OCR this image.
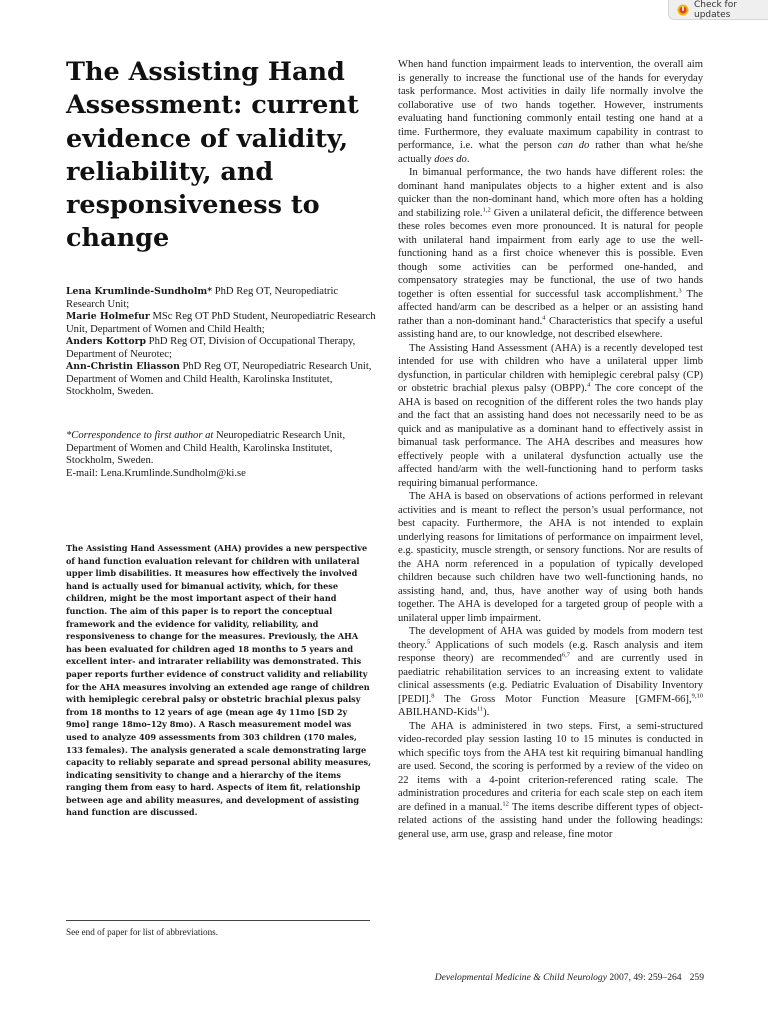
Check for updates
The Assisting Hand Assessment: current evidence of validity, reliability, and responsiveness to change
Lena Krumlinde-Sundholm* PhD Reg OT, Neuropediatric Research Unit;
Marie Holmefur MSc Reg OT PhD Student, Neuropediatric Research Unit, Department of Women and Child Health;
Anders Kottorp PhD Reg OT, Division of Occupational Therapy, Department of Neurotec;
Ann-Christin Eliasson PhD Reg OT, Neuropediatric Research Unit, Department of Women and Child Health, Karolinska Institutet, Stockholm, Sweden.
*Correspondence to first author at Neuropediatric Research Unit, Department of Women and Child Health, Karolinska Institutet, Stockholm, Sweden.
E-mail: Lena.Krumlinde.Sundholm@ki.se

The Assisting Hand Assessment (AHA) provides a new perspective of hand function evaluation relevant for children with unilateral upper limb disabilities. It measures how effectively the involved hand is actually used for bimanual activity, which, for these children, might be the most important aspect of their hand function. The aim of this paper is to report the conceptual framework and the evidence for validity, reliability, and responsiveness to change for the measures. Previously, the AHA has been evaluated for children aged 18 months to 5 years and excellent inter- and intrarater reliability was demonstrated. This paper reports further evidence of construct validity and reliability for the AHA measures involving an extended age range of children with hemiplegic cerebral palsy or obstetric brachial plexus palsy from 18 months to 12 years of age (mean age 4y 11mo [SD 2y 9mo] range 18mo–12y 8mo). A Rasch measurement model was used to analyze 409 assessments from 303 children (170 males, 133 females). The analysis generated a scale demonstrating large capacity to reliably separate and spread personal ability measures, indicating sensitivity to change and a hierarchy of the items ranging them from easy to hard. Aspects of item fit, relationship between age and ability measures, and development of assisting hand function are discussed.

See end of paper for list of abbreviations.

When hand function impairment leads to intervention, the overall aim is generally to increase the functional use of the hands for everyday task performance. Most activities in daily life normally involve the collaborative use of two hands together. However, instruments evaluating hand functioning commonly entail testing one hand at a time. Furthermore, they evaluate maximum capability in contrast to performance, i.e. what the person can do rather than what he/she actually does do.

In bimanual performance, the two hands have different roles: the dominant hand manipulates objects to a higher extent and is also quicker than the non-dominant hand, which more often has a holding and stabilizing role.$^{1,2}$ Given a unilateral deficit, the difference between these roles becomes even more pronounced. It is natural for people with unilateral hand impairment from early age to use the well-functioning hand as a first choice whenever this is possible. Even though some activities can be performed one-handed, and compensatory strategies may be functional, the use of two hands together is often essential for successful task accomplishment.$^3$ The affected hand/arm can be described as a helper or an assisting hand rather than a non-dominant hand.$^4$ Characteristics that specify a useful assisting hand are, to our knowledge, not described elsewhere.

The Assisting Hand Assessment (AHA) is a recently developed test intended for use with children who have a unilateral upper limb dysfunction, in particular children with hemiplegic cerebral palsy (CP) or obstetric brachial plexus palsy (OBPP).$^4$ The core concept of the AHA is based on recognition of the different roles the two hands play and the fact that an assisting hand does not necessarily need to be as quick and as manipulative as a dominant hand to effectively assist in bimanual task performance. The AHA describes and measures how effectively people with a unilateral dysfunction actually use the affected hand/arm with the well-functioning hand to perform tasks requiring bimanual performance.

The AHA is based on observations of actions performed in relevant activities and is meant to reflect the person’s usual performance, not best capacity. Furthermore, the AHA is not intended to explain underlying reasons for limitations of performance on impairment level, e.g. spasticity, muscle strength, or sensory functions. Nor are results of the AHA norm referenced in a population of typically developed children because such children have two well-functioning hands, no assisting hand, and, thus, have another way of using both hands together. The AHA is developed for a targeted group of people with a unilateral upper limb impairment.

The development of AHA was guided by models from modern test theory.$^5$ Applications of such models (e.g. Rasch analysis and item response theory) are recommended$^{6,7}$ and are currently used in paediatric rehabilitation services to an increasing extent to validate clinical assessments (e.g. Pediatric Evaluation of Disability Inventory [PEDI].$^8$ The Gross Motor Function Measure [GMFM-66],$^{9,10}$ ABILHAND-Kids$^{11}$).

The AHA is administered in two steps. First, a semi-structured video-recorded play session lasting 10 to 15 minutes is conducted in which specific toys from the AHA test kit requiring bimanual handling are used. Second, the scoring is performed by a review of the video on 22 items with a 4-point criterion-referenced rating scale. The administration procedures and criteria for each scale step on each item are defined in a manual.$^{12}$ The items describe different types of object-related actions of the assisting hand under the following headings: general use, arm use, grasp and release, fine motor

Developmental Medicine & Child Neurology 2007, 49: 259–264 259
